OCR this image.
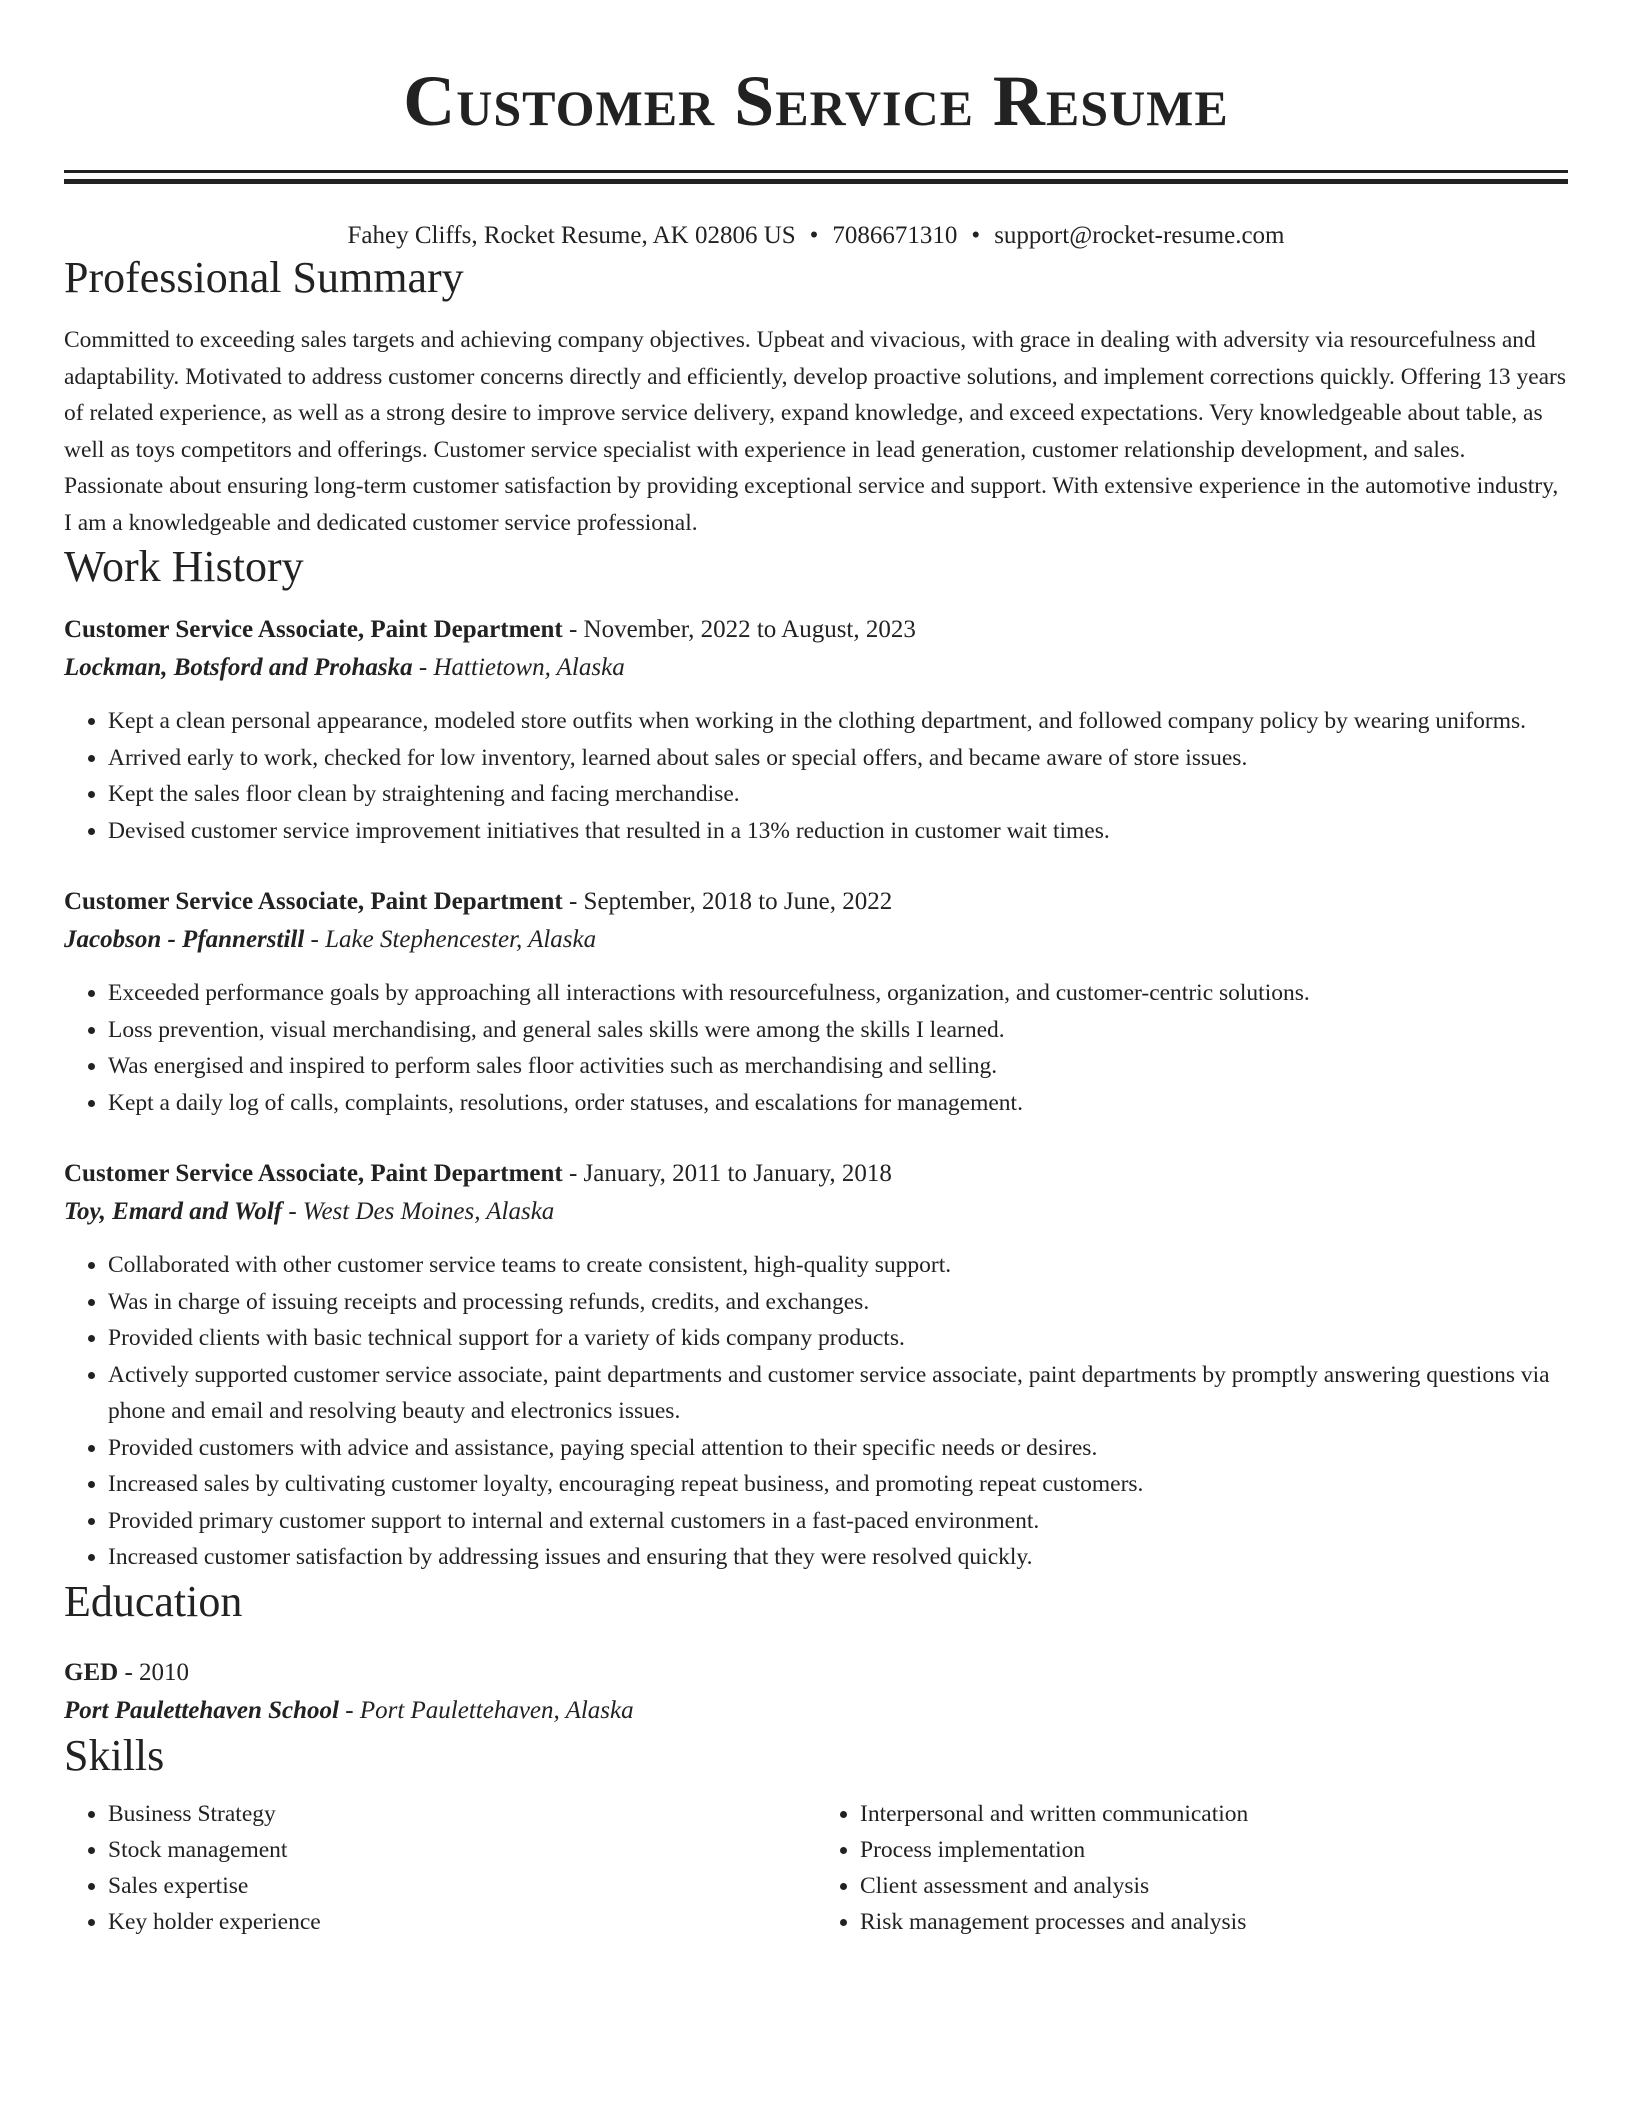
Customer Service Resume
Fahey Cliffs, Rocket Resume, AK 02806 US • 7086671310 • support@rocket-resume.com
Professional Summary
Committed to exceeding sales targets and achieving company objectives. Upbeat and vivacious, with grace in dealing with adversity via resourcefulness and adaptability. Motivated to address customer concerns directly and efficiently, develop proactive solutions, and implement corrections quickly. Offering 13 years of related experience, as well as a strong desire to improve service delivery, expand knowledge, and exceed expectations. Very knowledgeable about table, as well as toys competitors and offerings. Customer service specialist with experience in lead generation, customer relationship development, and sales. Passionate about ensuring long-term customer satisfaction by providing exceptional service and support. With extensive experience in the automotive industry, I am a knowledgeable and dedicated customer service professional.
Work History
Customer Service Associate, Paint Department - November, 2022 to August, 2023
Lockman, Botsford and Prohaska - Hattietown, Alaska
• Kept a clean personal appearance, modeled store outfits when working in the clothing department, and followed company policy by wearing uniforms.
• Arrived early to work, checked for low inventory, learned about sales or special offers, and became aware of store issues.
• Kept the sales floor clean by straightening and facing merchandise.
• Devised customer service improvement initiatives that resulted in a 13% reduction in customer wait times.
Customer Service Associate, Paint Department - September, 2018 to June, 2022
Jacobson - Pfannerstill - Lake Stephencester, Alaska
• Exceeded performance goals by approaching all interactions with resourcefulness, organization, and customer-centric solutions.
• Loss prevention, visual merchandising, and general sales skills were among the skills I learned.
• Was energised and inspired to perform sales floor activities such as merchandising and selling.
• Kept a daily log of calls, complaints, resolutions, order statuses, and escalations for management.
Customer Service Associate, Paint Department - January, 2011 to January, 2018
Toy, Emard and Wolf - West Des Moines, Alaska
• Collaborated with other customer service teams to create consistent, high-quality support.
• Was in charge of issuing receipts and processing refunds, credits, and exchanges.
• Provided clients with basic technical support for a variety of kids company products.
• Actively supported customer service associate, paint departments and customer service associate, paint departments by promptly answering questions via phone and email and resolving beauty and electronics issues.
• Provided customers with advice and assistance, paying special attention to their specific needs or desires.
• Increased sales by cultivating customer loyalty, encouraging repeat business, and promoting repeat customers.
• Provided primary customer support to internal and external customers in a fast-paced environment.
• Increased customer satisfaction by addressing issues and ensuring that they were resolved quickly.
Education
GED - 2010
Port Paulettehaven School - Port Paulettehaven, Alaska
Skills
• Business Strategy
• Stock management
• Sales expertise
• Key holder experience
• Interpersonal and written communication
• Process implementation
• Client assessment and analysis
• Risk management processes and analysis
